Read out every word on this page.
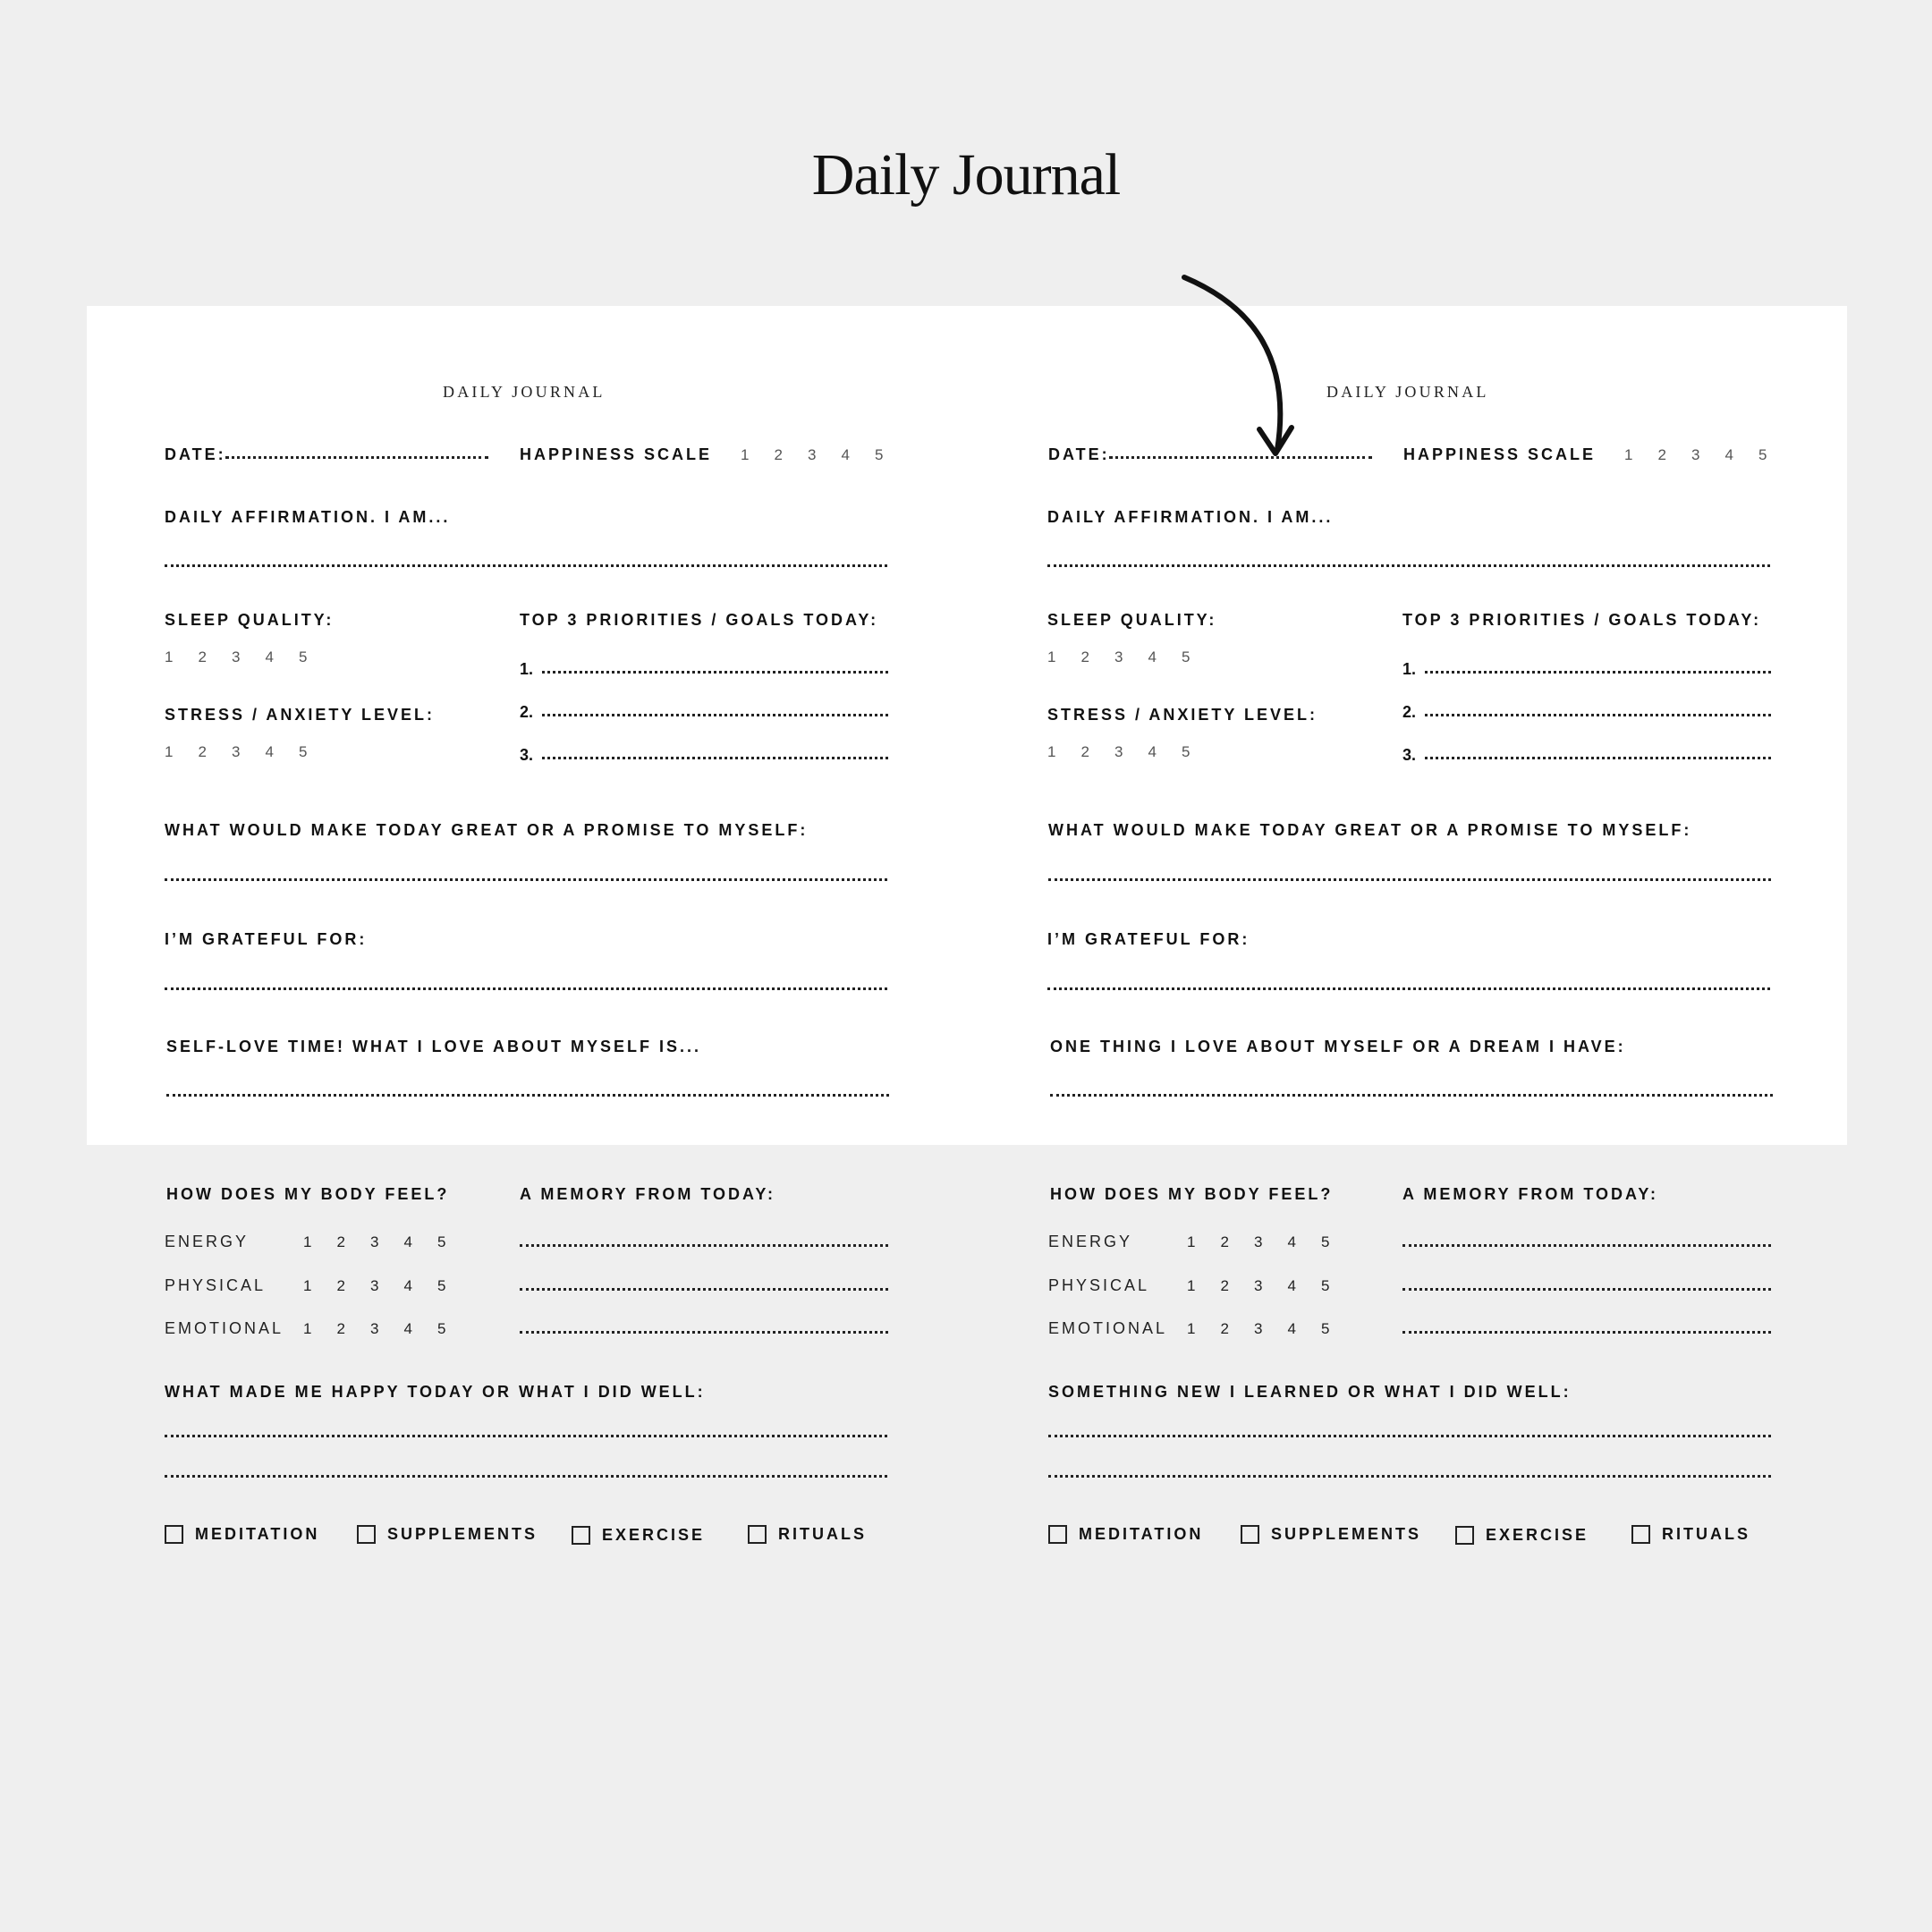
Daily Journal
DAILY JOURNAL
DATE:	HAPPINESS SCALE 1 2 3 4 5
DAILY AFFIRMATION. I AM...
SLEEP QUALITY:
1 2 3 4 5
TOP 3 PRIORITIES / GOALS TODAY:
1.
2.
3.
STRESS / ANXIETY LEVEL:
1 2 3 4 5
WHAT WOULD MAKE TODAY GREAT OR A PROMISE TO MYSELF:
I’M GRATEFUL FOR:
SELF-LOVE TIME! WHAT I LOVE ABOUT MYSELF IS...
HOW DOES MY BODY FEEL?	A MEMORY FROM TODAY:
ENERGY	1 2 3 4 5
PHYSICAL 1 2 3 4 5
EMOTIONAL 1 2 3 4 5
WHAT MADE ME HAPPY TODAY OR WHAT I DID WELL:
MEDITATION	SUPPLEMENTS	EXERCISE	RITUALS
DAILY JOURNAL
DATE:	HAPPINESS SCALE 1 2 3 4 5
DAILY AFFIRMATION. I AM...
SLEEP QUALITY:
1 2 3 4 5
TOP 3 PRIORITIES / GOALS TODAY:
1.
2.
3.
STRESS / ANXIETY LEVEL:
1 2 3 4 5
WHAT WOULD MAKE TODAY GREAT OR A PROMISE TO MYSELF:
I’M GRATEFUL FOR:
ONE THING I LOVE ABOUT MYSELF OR A DREAM I HAVE:
HOW DOES MY BODY FEEL?	A MEMORY FROM TODAY:
ENERGY	1 2 3 4 5
PHYSICAL 1 2 3 4 5
EMOTIONAL 1 2 3 4 5
SOMETHING NEW I LEARNED OR WHAT I DID WELL:
MEDITATION	SUPPLEMENTS	EXERCISE	RITUALS
